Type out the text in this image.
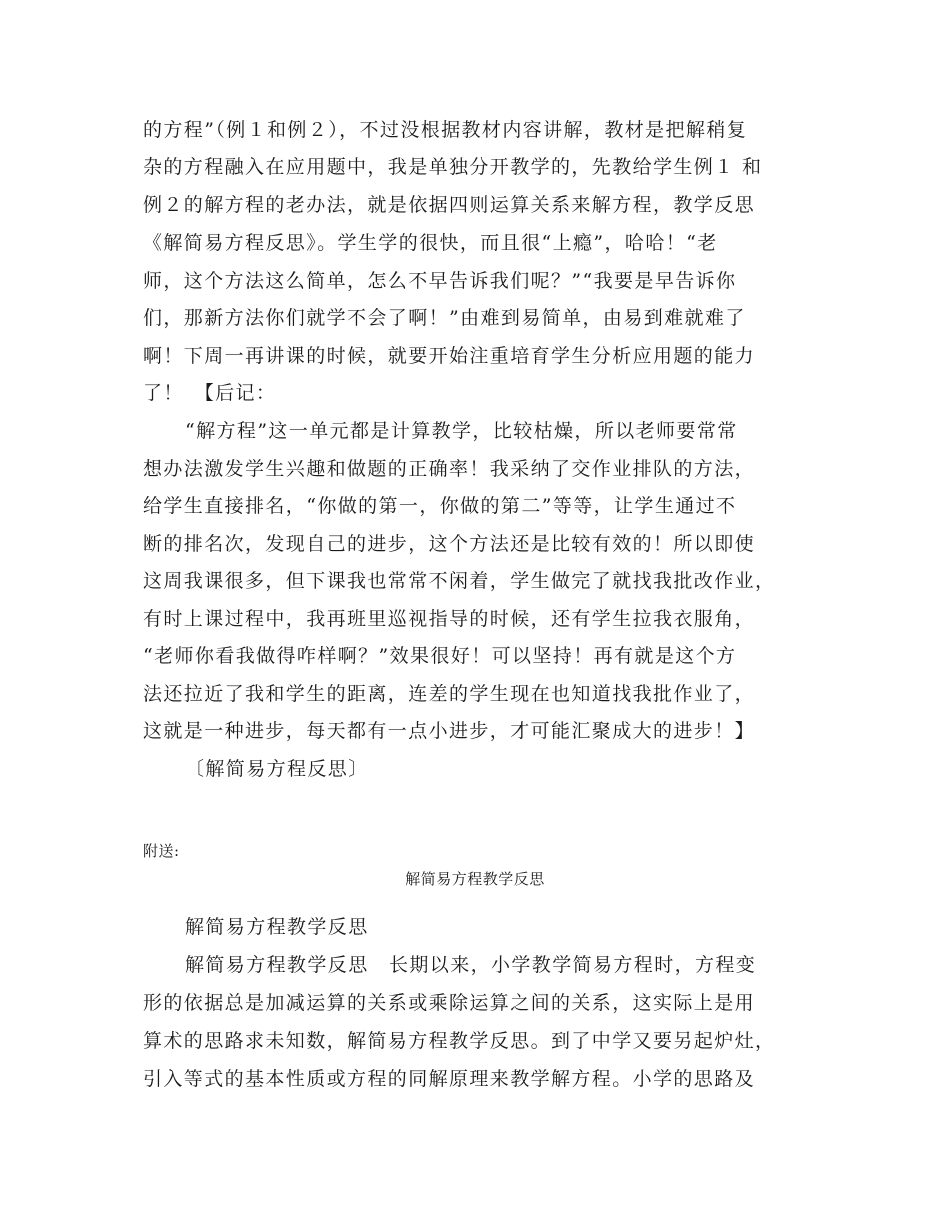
的方程”（例１和例２），不过没根据教材内容讲解，教材是把解稍复
杂的方程融入在应用题中，我是单独分开教学的，先教给学生例１ 和
例２的解方程的老办法，就是依据四则运算关系来解方程，教学反思
《解简易方程反思》。学生学的很快，而且很“上瘾”，哈哈！“老
师，这个方法这么简单，怎么不早告诉我们呢？”“我要是早告诉你
们，那新方法你们就学不会了啊！”由难到易简单，由易到难就难了
啊！下周一再讲课的时候，就要开始注重培育学生分析应用题的能力
了！　【后记：
“解方程”这一单元都是计算教学，比较枯燥，所以老师要常常
想办法激发学生兴趣和做题的正确率！我采纳了交作业排队的方法，
给学生直接排名，“你做的第一，你做的第二”等等，让学生通过不
断的排名次，发现自己的进步，这个方法还是比较有效的！所以即使
这周我课很多，但下课我也常常不闲着，学生做完了就找我批改作业，
有时上课过程中，我再班里巡视指导的时候，还有学生拉我衣服角，
“老师你看我做得咋样啊？”效果很好！可以坚持！再有就是这个方
法还拉近了我和学生的距离，连差的学生现在也知道找我批作业了，
这就是一种进步，每天都有一点小进步，才可能汇聚成大的进步！】
〔解简易方程反思〕
附送:
解简易方程教学反思
解简易方程教学反思
解简易方程教学反思　长期以来，小学教学简易方程时，方程变
形的依据总是加减运算的关系或乘除运算之间的关系，这实际上是用
算术的思路求未知数，解简易方程教学反思。到了中学又要另起炉灶，
引入等式的基本性质或方程的同解原理来教学解方程。小学的思路及
